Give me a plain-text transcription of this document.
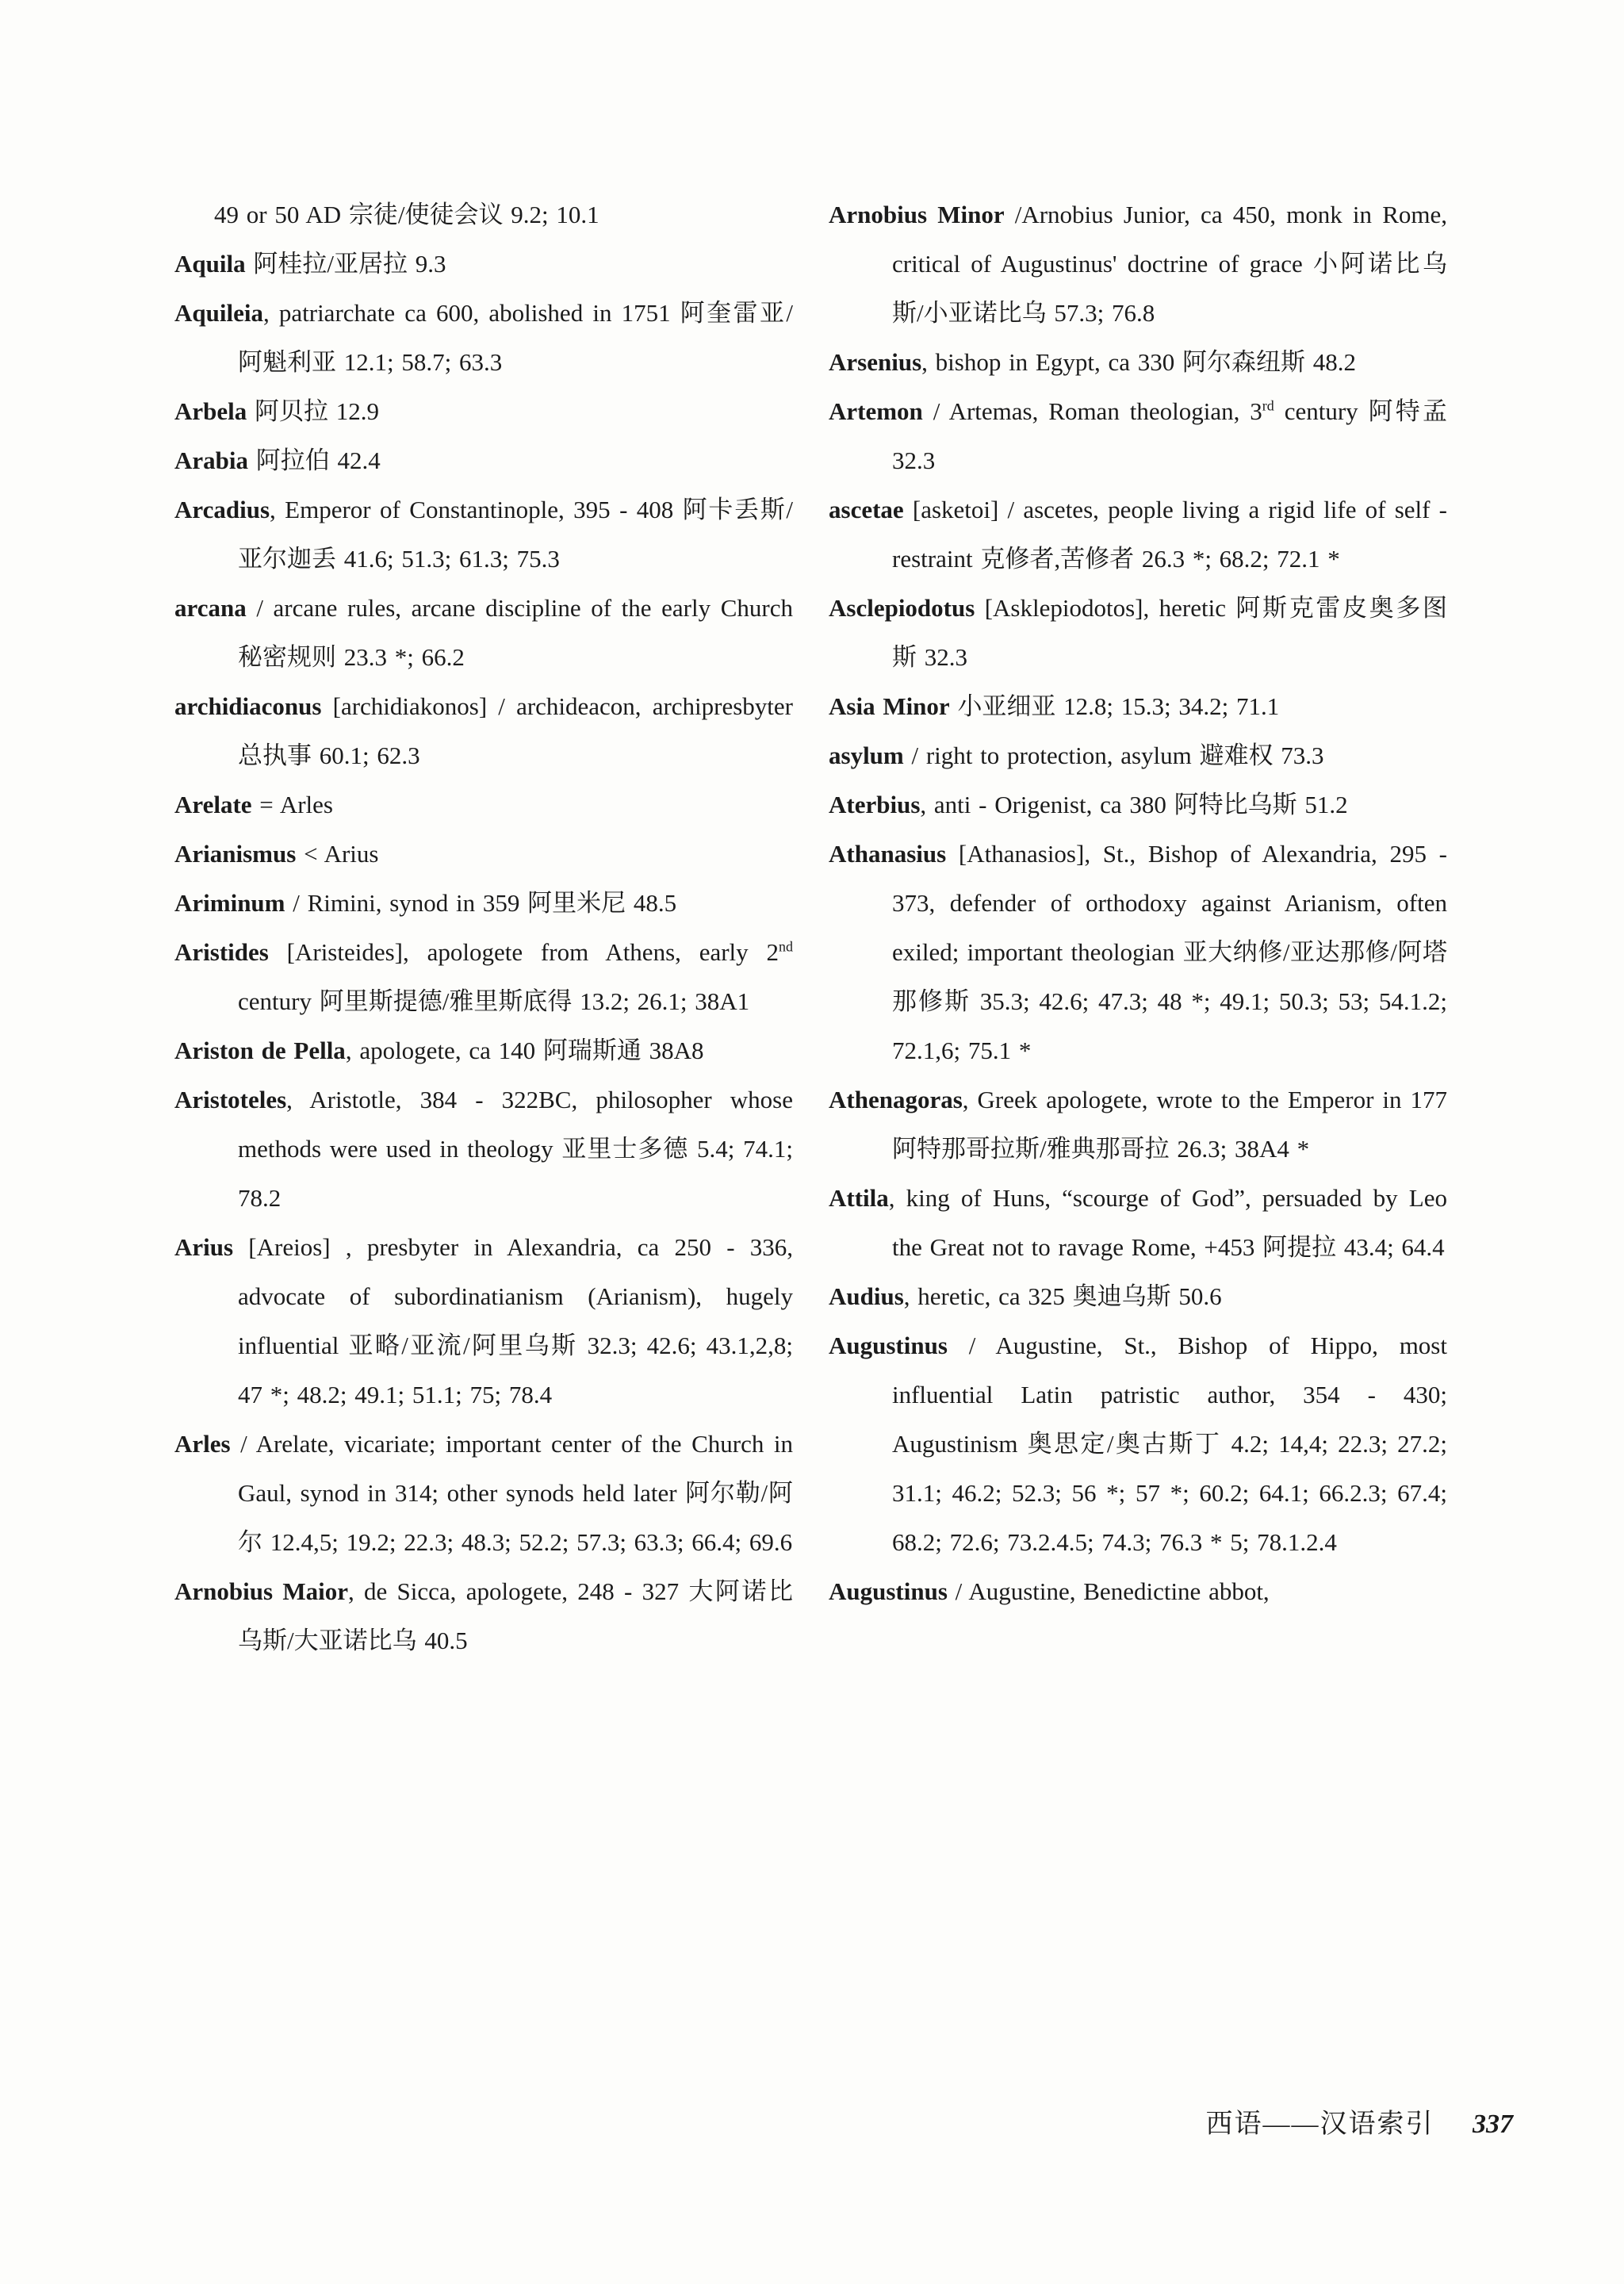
49 or 50 AD 宗徒/使徒会议 9.2; 10.1

Aquila 阿桂拉/亚居拉 9.3

Aquileia, patriarchate ca 600, abolished in 1751 阿奎雷亚/阿魁利亚 12.1; 58.7; 63.3

Arbela 阿贝拉 12.9

Arabia 阿拉伯 42.4

Arcadius, Emperor of Constantinople, 395 - 408 阿卡丢斯/亚尔迦丢 41.6; 51.3; 61.3; 75.3

arcana / arcane rules, arcane discipline of the early Church 秘密规则 23.3 *; 66.2

archidiaconus [archidiakonos] / archideacon, archipresbyter 总执事 60.1; 62.3

Arelate = Arles

Arianismus < Arius

Ariminum / Rimini, synod in 359 阿里米尼 48.5

Aristides [Aristeides], apologete from Athens, early 2nd century 阿里斯提德/雅里斯底得 13.2; 26.1; 38A1

Ariston de Pella, apologete, ca 140 阿瑞斯通 38A8

Aristoteles, Aristotle, 384 - 322BC, philosopher whose methods were used in theology 亚里士多德 5.4; 74.1; 78.2

Arius [Areios] , presbyter in Alexandria, ca 250 - 336, advocate of subordinatianism (Arianism), hugely influential 亚略/亚流/阿里乌斯 32.3; 42.6; 43.1,2,8; 47 *; 48.2; 49.1; 51.1; 75; 78.4

Arles / Arelate, vicariate; important center of the Church in Gaul, synod in 314; other synods held later 阿尔勒/阿尔 12.4,5; 19.2; 22.3; 48.3; 52.2; 57.3; 63.3; 66.4; 69.6

Arnobius Maior, de Sicca, apologete, 248 - 327 大阿诺比乌斯/大亚诺比乌 40.5

Arnobius Minor /Arnobius Junior, ca 450, monk in Rome, critical of Augustinus' doctrine of grace 小阿诺比乌斯/小亚诺比乌 57.3; 76.8

Arsenius, bishop in Egypt, ca 330 阿尔森纽斯 48.2

Artemon / Artemas, Roman theologian, 3rd century 阿特孟 32.3

ascetae [asketoi] / ascetes, people living a rigid life of self - restraint 克修者,苦修者 26.3 *; 68.2; 72.1 *

Asclepiodotus [Asklepiodotos], heretic 阿斯克雷皮奥多图斯 32.3

Asia Minor 小亚细亚 12.8; 15.3; 34.2; 71.1

asylum / right to protection, asylum 避难权 73.3

Aterbius, anti - Origenist, ca 380 阿特比乌斯 51.2

Athanasius [Athanasios], St., Bishop of Alexandria, 295 - 373, defender of orthodoxy against Arianism, often exiled; important theologian 亚大纳修/亚达那修/阿塔那修斯 35.3; 42.6; 47.3; 48 *; 49.1; 50.3; 53; 54.1.2; 72.1,6; 75.1 *

Athenagoras, Greek apologete, wrote to the Emperor in 177 阿特那哥拉斯/雅典那哥拉 26.3; 38A4 *

Attila, king of Huns, “scourge of God”, persuaded by Leo the Great not to ravage Rome, +453 阿提拉 43.4; 64.4

Audius, heretic, ca 325 奥迪乌斯 50.6

Augustinus / Augustine, St., Bishop of Hippo, most influential Latin patristic author, 354 - 430; Augustinism 奥思定/奥古斯丁 4.2; 14,4; 22.3; 27.2; 31.1; 46.2; 52.3; 56 *; 57 *; 60.2; 64.1; 66.2.3; 67.4; 68.2; 72.6; 73.2.4.5; 74.3; 76.3 * 5; 78.1.2.4

Augustinus / Augustine, Benedictine abbot,

西语——汉语索引 337
